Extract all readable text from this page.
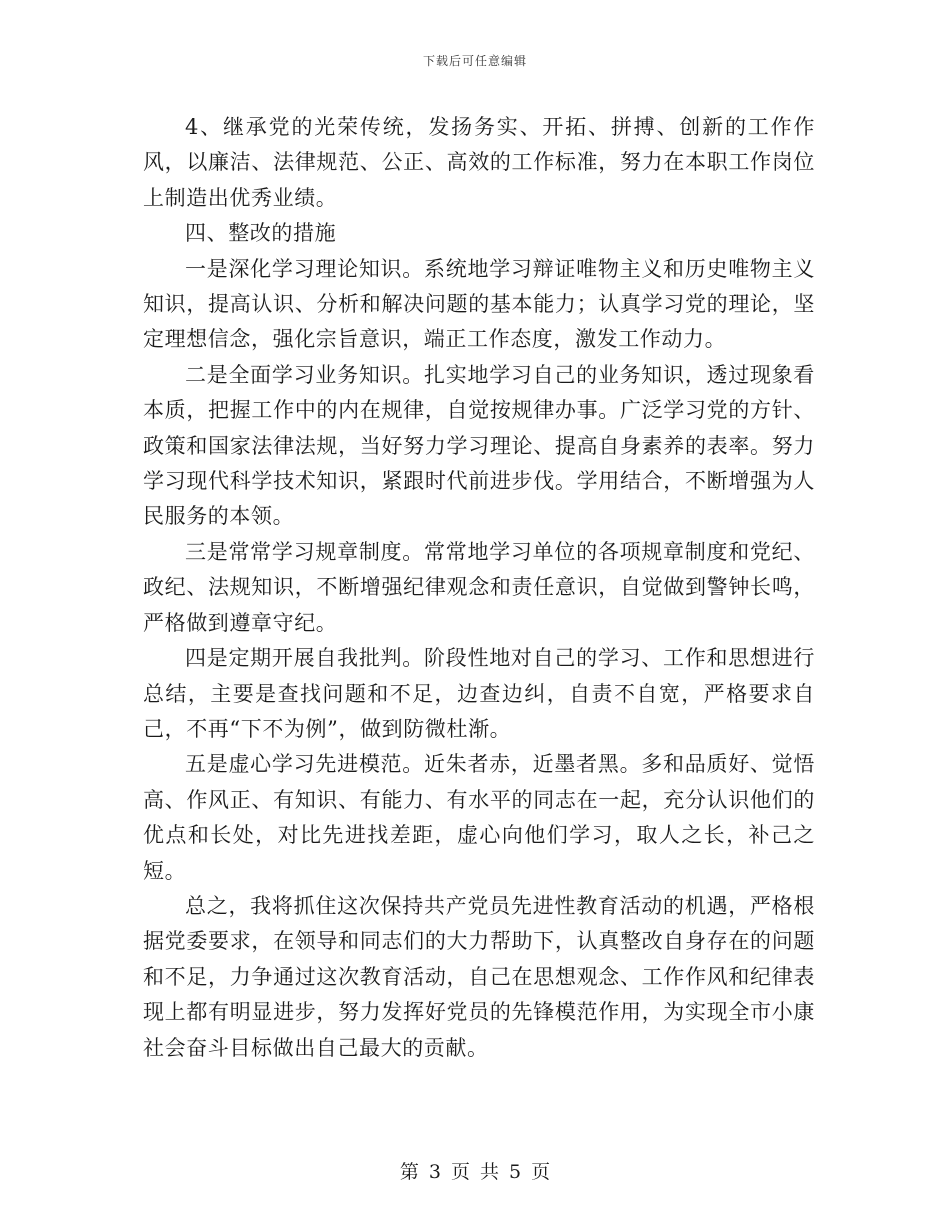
下载后可任意编辑

4、继承党的光荣传统，发扬务实、开拓、拼搏、创新的工作作风，以廉洁、法律规范、公正、高效的工作标准，努力在本职工作岗位上制造出优秀业绩。

四、整改的措施

一是深化学习理论知识。系统地学习辩证唯物主义和历史唯物主义知识，提高认识、分析和解决问题的基本能力；认真学习党的理论，坚定理想信念，强化宗旨意识，端正工作态度，激发工作动力。

二是全面学习业务知识。扎实地学习自己的业务知识，透过现象看本质，把握工作中的内在规律，自觉按规律办事。广泛学习党的方针、政策和国家法律法规，当好努力学习理论、提高自身素养的表率。努力学习现代科学技术知识，紧跟时代前进步伐。学用结合，不断增强为人民服务的本领。

三是常常学习规章制度。常常地学习单位的各项规章制度和党纪、政纪、法规知识，不断增强纪律观念和责任意识，自觉做到警钟长鸣，严格做到遵章守纪。

四是定期开展自我批判。阶段性地对自己的学习、工作和思想进行总结，主要是查找问题和不足，边查边纠，自责不自宽，严格要求自己，不再“下不为例”，做到防微杜渐。

五是虚心学习先进模范。近朱者赤，近墨者黑。多和品质好、觉悟高、作风正、有知识、有能力、有水平的同志在一起，充分认识他们的优点和长处，对比先进找差距，虚心向他们学习，取人之长，补己之短。

总之，我将抓住这次保持共产党员先进性教育活动的机遇，严格根据党委要求，在领导和同志们的大力帮助下，认真整改自身存在的问题和不足，力争通过这次教育活动，自己在思想观念、工作作风和纪律表现上都有明显进步，努力发挥好党员的先锋模范作用，为实现全市小康社会奋斗目标做出自己最大的贡献。

第 3 页 共 5 页
